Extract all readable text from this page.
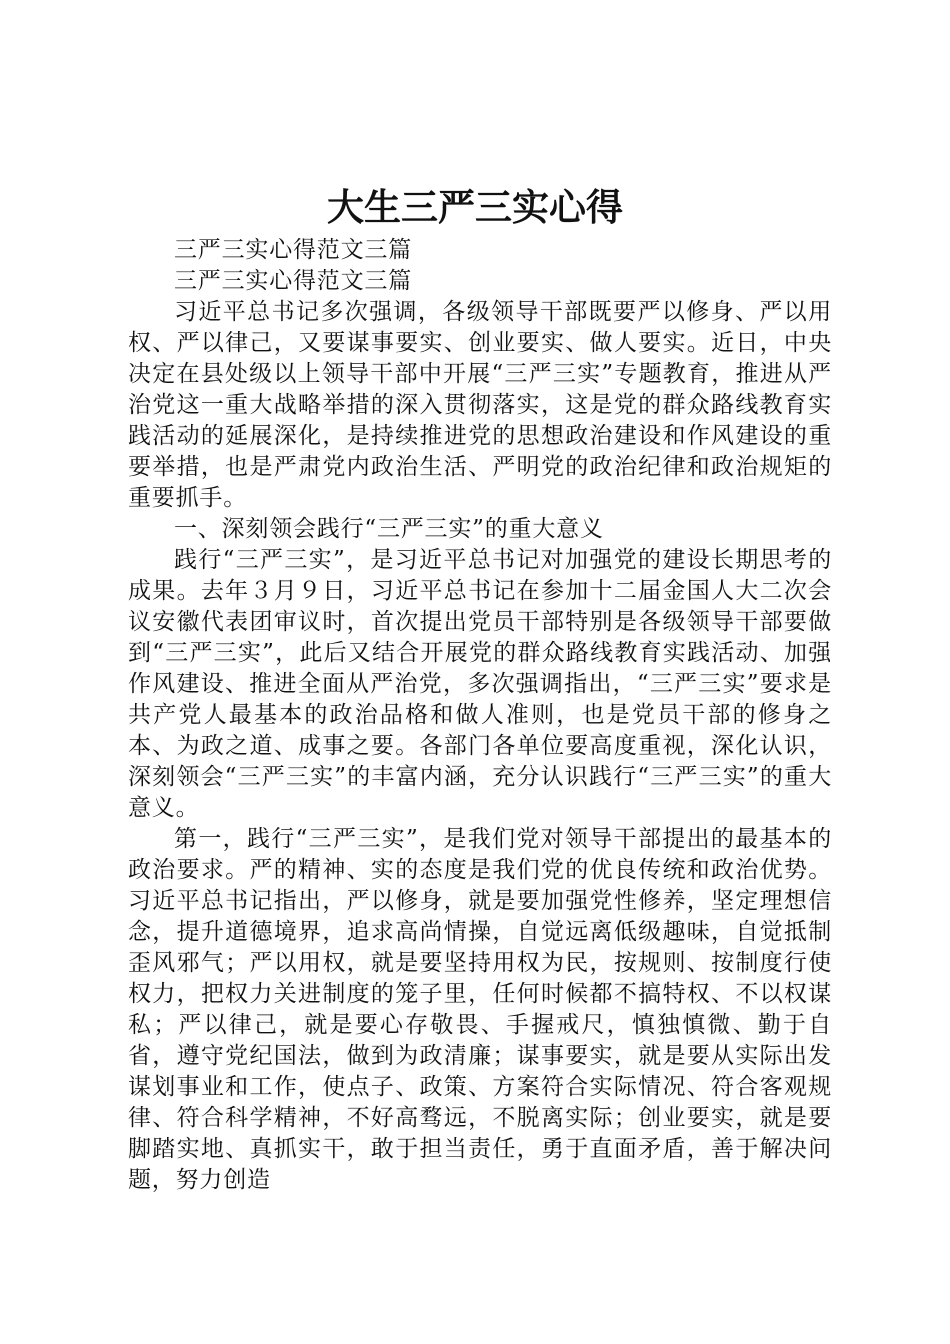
大生三严三实心得

三严三实心得范文三篇

三严三实心得范文三篇

习近平总书记多次强调，各级领导干部既要严以修身、严以用权、严以律己，又要谋事要实、创业要实、做人要实。近日，中央决定在县处级以上领导干部中开展“三严三实”专题教育，推进从严治党这一重大战略举措的深入贯彻落实，这是党的群众路线教育实践活动的延展深化，是持续推进党的思想政治建设和作风建设的重要举措，也是严肃党内政治生活、严明党的政治纪律和政治规矩的重要抓手。

一、深刻领会践行“三严三实”的重大意义

践行“三严三实”，是习近平总书记对加强党的建设长期思考的成果。去年３月９日，习近平总书记在参加十二届金国人大二次会议安徽代表团审议时，首次提出党员干部特别是各级领导干部要做到“三严三实”，此后又结合开展党的群众路线教育实践活动、加强作风建设、推进全面从严治党，多次强调指出，“三严三实”要求是共产党人最基本的政治品格和做人准则，也是党员干部的修身之本、为政之道、成事之要。各部门各单位要高度重视，深化认识，深刻领会“三严三实”的丰富内涵，充分认识践行“三严三实”的重大意义。

第一，践行“三严三实”，是我们党对领导干部提出的最基本的政治要求。严的精神、实的态度是我们党的优良传统和政治优势。习近平总书记指出，严以修身，就是要加强党性修养，坚定理想信念，提升道德境界，追求高尚情操，自觉远离低级趣味，自觉抵制歪风邪气；严以用权，就是要坚持用权为民，按规则、按制度行使权力，把权力关进制度的笼子里，任何时候都不搞特权、不以权谋私；严以律己，就是要心存敬畏、手握戒尺，慎独慎微、勤于自省，遵守党纪国法，做到为政清廉；谋事要实，就是要从实际出发谋划事业和工作，使点子、政策、方案符合实际情况、符合客观规律、符合科学精神，不好高骛远，不脱离实际；创业要实，就是要脚踏实地、真抓实干，敢于担当责任，勇于直面矛盾，善于解决问题，努力创造
